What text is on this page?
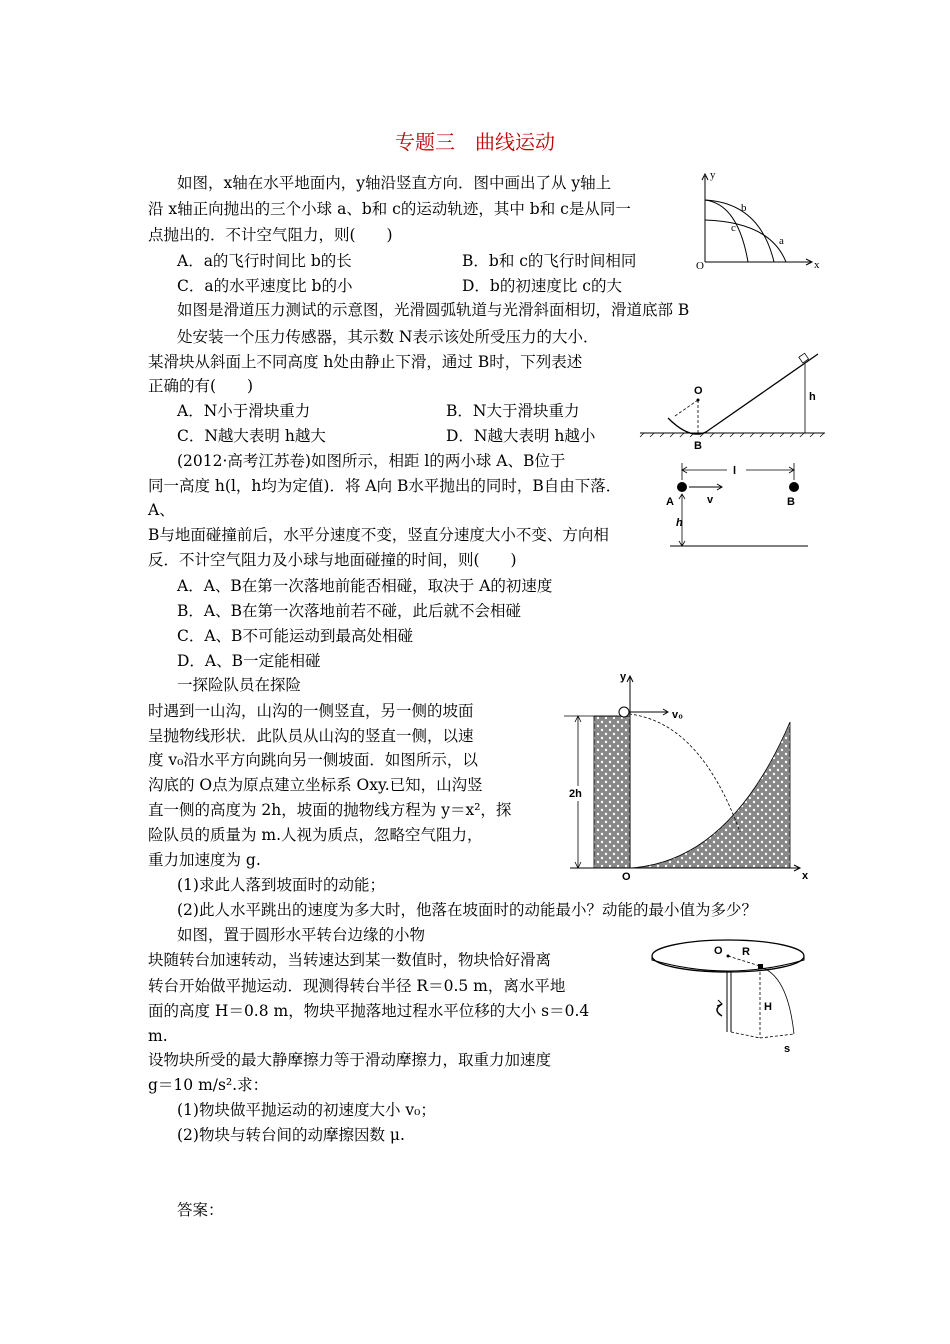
专题三　曲线运动
如图，x轴在水平地面内，y轴沿竖直方向．图中画出了从 y轴上
沿 x轴正向抛出的三个小球 a、b和 c的运动轨迹，其中 b和 c是从同一
点抛出的．不计空气阻力，则(　　)
A．a的飞行时间比 b的长	B．b和 c的飞行时间相同
C．a的水平速度比 b的小	D．b的初速度比 c的大
y
x
O
a
b
c
如图是滑道压力测试的示意图，光滑圆弧轨道与光滑斜面相切，滑道底部 B
处安装一个压力传感器，其示数 N表示该处所受压力的大小．
某滑块从斜面上不同高度 h处由静止下滑，通过 B时，下列表述
正确的有(　　)
A．N小于滑块重力	B．N大于滑块重力
C．N越大表明 h越大	D．N越大表明 h越小
O
B
h
(2012·高考江苏卷)如图所示，相距 l的两小球 A、B位于
同一高度 h(l，h均为定值)．将 A向 B水平抛出的同时，B自由下落．
A、
B与地面碰撞前后，水平分速度不变，竖直分速度大小不变、方向相
反．不计空气阻力及小球与地面碰撞的时间，则(　　)
A．A、B在第一次落地前能否相碰，取决于 A的初速度
B．A、B在第一次落地前若不碰，此后就不会相碰
C．A、B不可能运动到最高处相碰
D．A、B一定能相碰
l
A	B
v
h
一探险队员在探险
时遇到一山沟，山沟的一侧竖直，另一侧的坡面
呈抛物线形状．此队员从山沟的竖直一侧，以速
度 v₀沿水平方向跳向另一侧坡面．如图所示，以
沟底的 O点为原点建立坐标系 Oxy.已知，山沟竖
直一侧的高度为 2h，坡面的抛物线方程为 y＝x²，探
险队员的质量为 m.人视为质点，忽略空气阻力，
重力加速度为 g.
(1)求此人落到坡面时的动能；
(2)此人水平跳出的速度为多大时，他落在坡面时的动能最小？动能的最小值为多少？
2h
y
x
O
v₀
如图，置于圆形水平转台边缘的小物
块随转台加速转动，当转速达到某一数值时，物块恰好滑离
转台开始做平抛运动．现测得转台半径 R＝0.5 m，离水平地
面的高度 H＝0.8 m，物块平抛落地过程水平位移的大小 s＝0.4
m.
设物块所受的最大静摩擦力等于滑动摩擦力，取重力加速度
g＝10 m/s².求：
(1)物块做平抛运动的初速度大小 v₀；
(2)物块与转台间的动摩擦因数 μ.
O R
H
s
答案：
